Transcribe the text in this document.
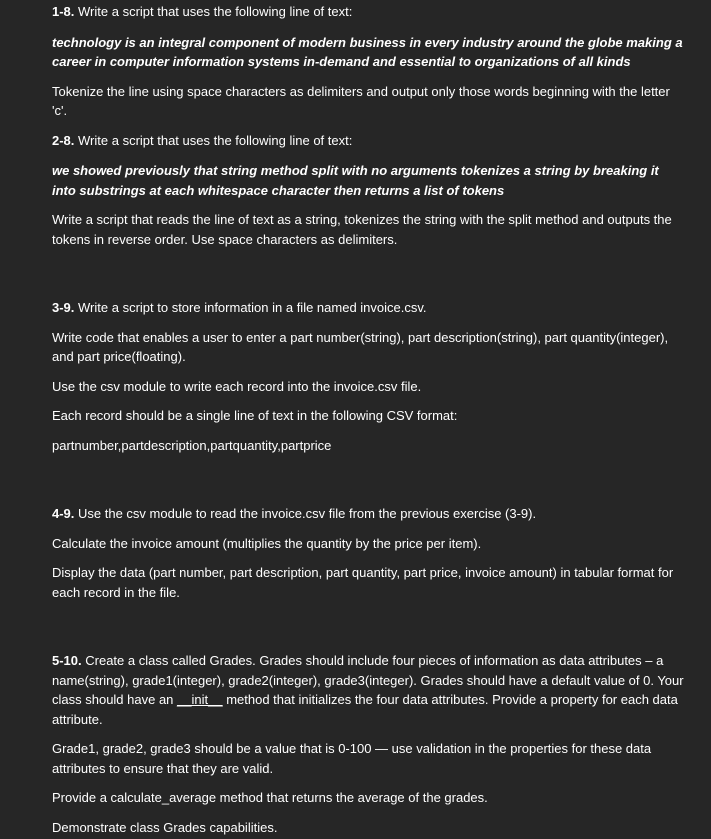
1-8. Write a script that uses the following line of text:

technology is an integral component of modern business in every industry around the globe making a career in computer information systems in-demand and essential to organizations of all kinds

Tokenize the line using space characters as delimiters and output only those words beginning with the letter 'c'.

2-8. Write a script that uses the following line of text:

we showed previously that string method split with no arguments tokenizes a string by breaking it into substrings at each whitespace character then returns a list of tokens

Write a script that reads the line of text as a string, tokenizes the string with the split method and outputs the tokens in reverse order. Use space characters as delimiters.

3-9. Write a script to store information in a file named invoice.csv.

Write code that enables a user to enter a part number(string), part description(string), part quantity(integer), and part price(floating).

Use the csv module to write each record into the invoice.csv file.

Each record should be a single line of text in the following CSV format:

partnumber,partdescription,partquantity,partprice

4-9. Use the csv module to read the invoice.csv file from the previous exercise (3-9).

Calculate the invoice amount (multiplies the quantity by the price per item).

Display the data (part number, part description, part quantity, part price, invoice amount) in tabular format for each record in the file.

5-10. Create a class called Grades. Grades should include four pieces of information as data attributes – a name(string), grade1(integer), grade2(integer), grade3(integer). Grades should have a default value of 0. Your class should have an __init__ method that initializes the four data attributes. Provide a property for each data attribute.

Grade1, grade2, grade3 should be a value that is 0-100 — use validation in the properties for these data attributes to ensure that they are valid.

Provide a calculate_average method that returns the average of the grades.

Demonstrate class Grades capabilities.
